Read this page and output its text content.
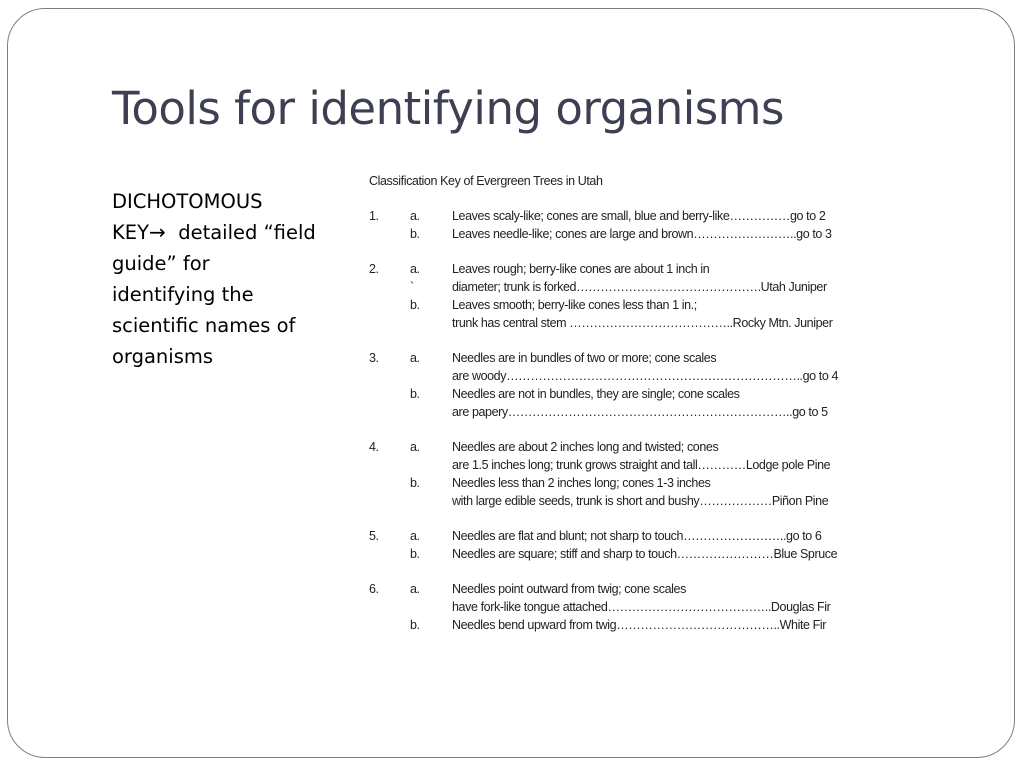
Tools for identifying organisms
DICHOTOMOUS KEY→ detailed “field guide” for identifying the scientific names of organisms
Classification Key of Evergreen Trees in Utah
1.	a.	Leaves scaly-like; cones are small, blue and berry-like……………go to 2
b.	Leaves needle-like; cones are large and brown……………………..go to 3
2.	a.	Leaves rough; berry-like cones are about 1 inch in
`	diameter; trunk is forked……………………………………….Utah Juniper
b.	Leaves smooth; berry-like cones less than 1 in.;
trunk has central stem …………………………………..Rocky Mtn. Juniper
3.	a.	Needles are in bundles of two or more; cone scales
are woody………………………………………………………………..go to 4
b.	Needles are not in bundles, they are single; cone scales
are papery……………………………………………………………..go to 5
4.	a.	Needles are about 2 inches long and twisted; cones
are 1.5 inches long; trunk grows straight and tall…………Lodge pole Pine
b.	Needles less than 2 inches long; cones 1-3 inches
with large edible seeds, trunk is short and bushy………………Piñon Pine
5.	a.	Needles are flat and blunt; not sharp to touch……………………..go to 6
b.	Needles are square; stiff and sharp to touch……………………Blue Spruce
6.	a.	Needles point outward from twig; cone scales
have fork-like tongue attached…………………………………..Douglas Fir
b.	Needles bend upward from twig…………………………………..White Fir
